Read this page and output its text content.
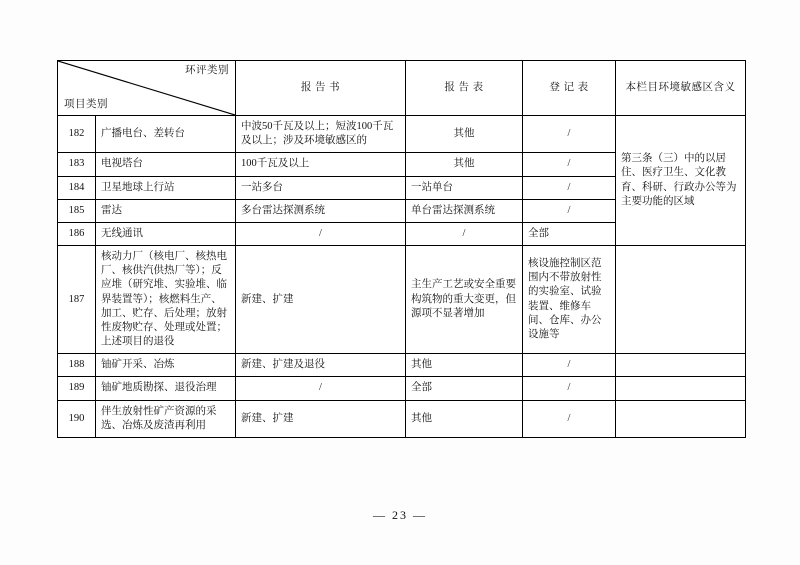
环评类别
项目类别		报 告 书	报 告 表	登 记 表	本栏目环境敏感区含义
182	广播电台、差转台	中波50千瓦及以上；短波100千瓦及以上；涉及环境敏感区的	其他	/	第三条（三）中的以居住、医疗卫生、文化教育、科研、行政办公等为主要功能的区域
183	电视塔台	100千瓦及以上	其他	/	
184	卫星地球上行站	一站多台	一站单台	/	
185	雷达	多台雷达探测系统	单台雷达探测系统	/	
186	无线通讯	/	/	全部	
187	核动力厂（核电厂、核热电厂、核供汽供热厂等）；反应堆（研究堆、实验堆、临界装置等）；核燃料生产、加工、贮存、后处理；放射性废物贮存、处理或处置；上述项目的退役	新建、扩建	主生产工艺或安全重要构筑物的重大变更，但源项不显著增加	核设施控制区范围内不带放射性的实验室、试验装置、维修车间、仓库、办公设施等	
188	铀矿开采、冶炼	新建、扩建及退役	其他	/	
189	铀矿地质勘探、退役治理	/	全部	/	
190	伴生放射性矿产资源的采选、冶炼及废渣再利用	新建、扩建	其他	/	
— 23 —
